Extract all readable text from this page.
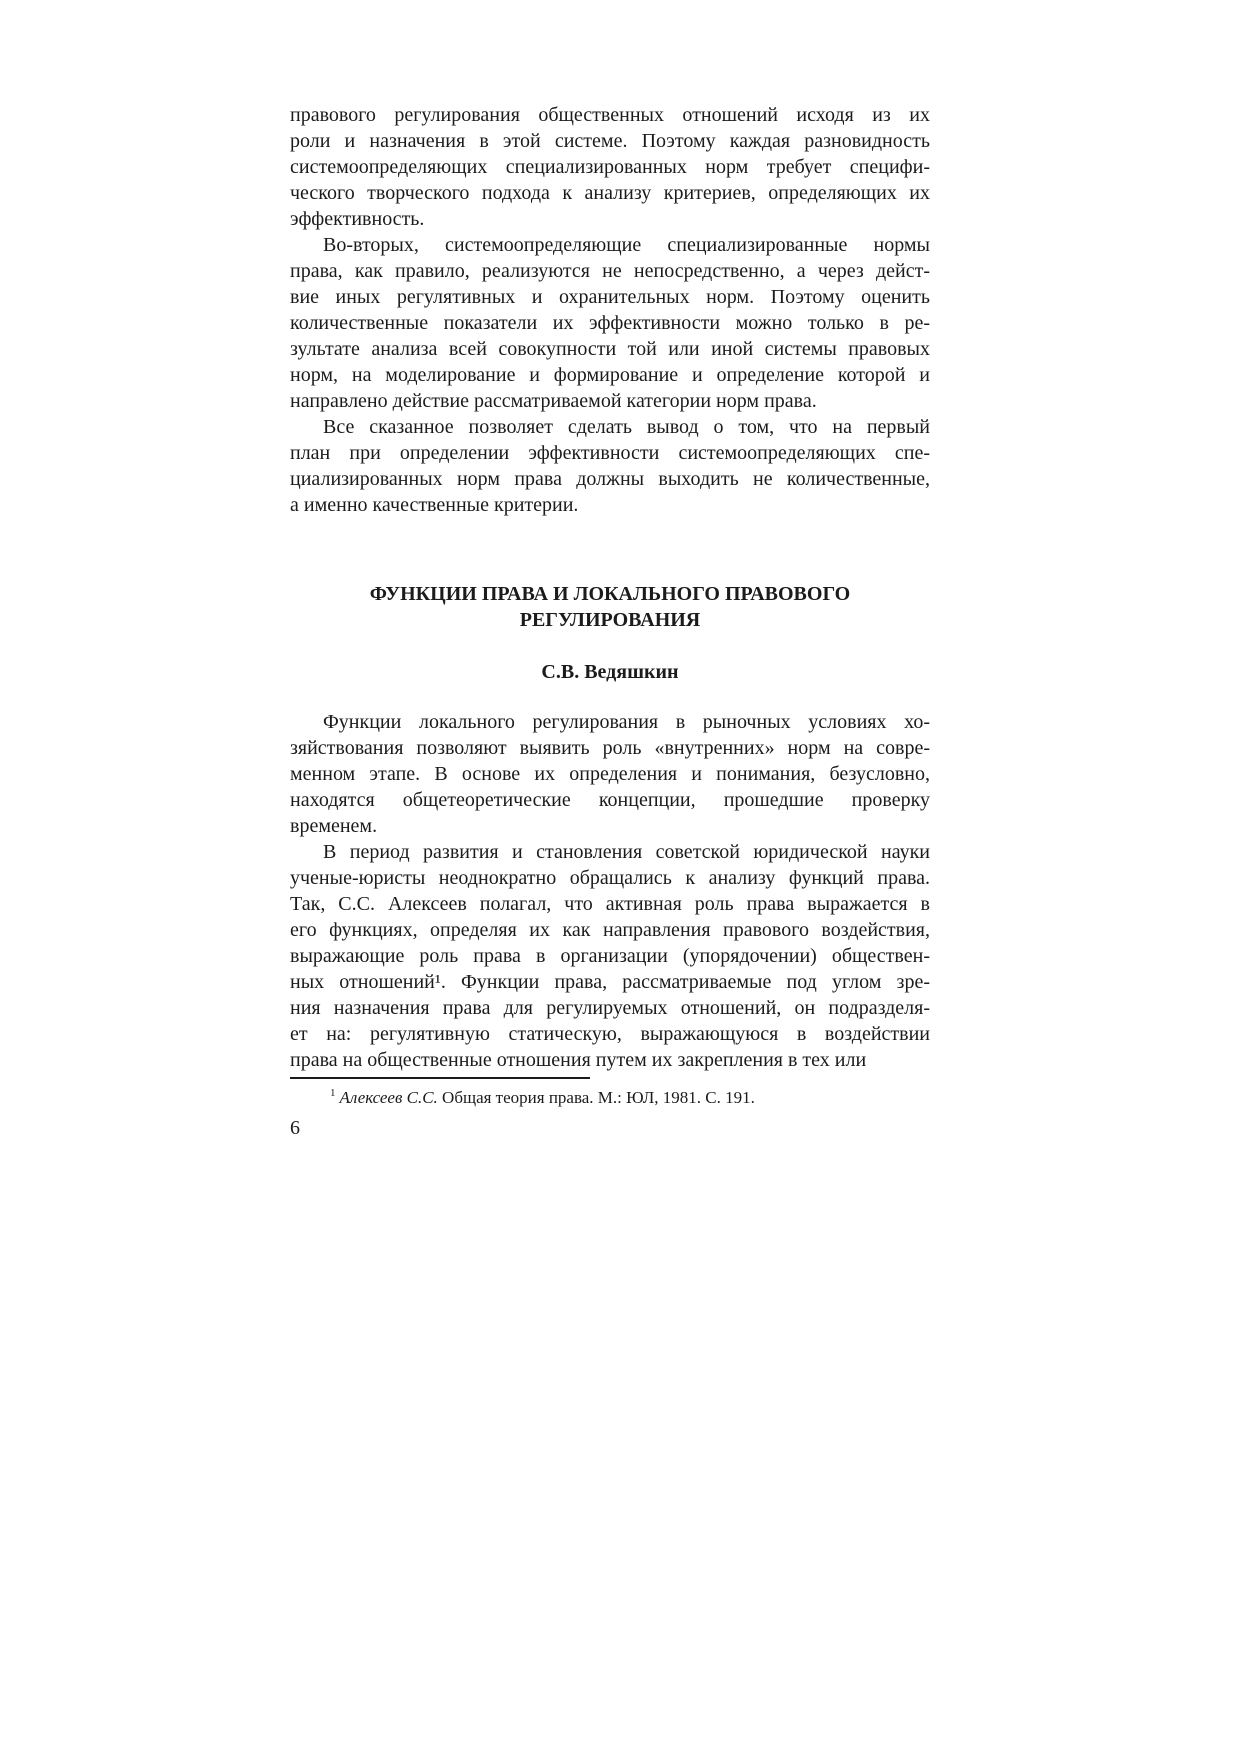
правового регулирования общественных отношений исходя из их
роли и назначения в этой системе. Поэтому каждая разновидность
системоопределяющих специализированных норм требует специфи-
ческого творческого подхода к анализу критериев, определяющих их
эффективность.
Во-вторых, системоопределяющие специализированные нормы
права, как правило, реализуются не непосредственно, а через дейст-
вие иных регулятивных и охранительных норм. Поэтому оценить
количественные показатели их эффективности можно только в ре-
зультате анализа всей совокупности той или иной системы правовых
норм, на моделирование и формирование и определение которой и
направлено действие рассматриваемой категории норм права.
Все сказанное позволяет сделать вывод о том, что на первый
план при определении эффективности системоопределяющих спе-
циализированных норм права должны выходить не количественные,
а именно качественные критерии.
ФУНКЦИИ ПРАВА И ЛОКАЛЬНОГО ПРАВОВОГО
РЕГУЛИРОВАНИЯ
С.В. Ведяшкин
Функции локального регулирования в рыночных условиях хо-
зяйствования позволяют выявить роль «внутренних» норм на совре-
менном этапе. В основе их определения и понимания, безусловно,
находятся общетеоретические концепции, прошедшие проверку
временем.
В период развития и становления советской юридической науки
ученые-юристы неоднократно обращались к анализу функций права.
Так, С.С. Алексеев полагал, что активная роль права выражается в
его функциях, определяя их как направления правового воздействия,
выражающие роль права в организации (упорядочении) обществен-
ных отношений¹. Функции права, рассматриваемые под углом зре-
ния назначения права для регулируемых отношений, он подразделя-
ет на: регулятивную статическую, выражающуюся в воздействии
права на общественные отношения путем их закрепления в тех или
$^1$ Алексеев С.С. Общая теория права. М.: ЮЛ, 1981. С. 191.
6
